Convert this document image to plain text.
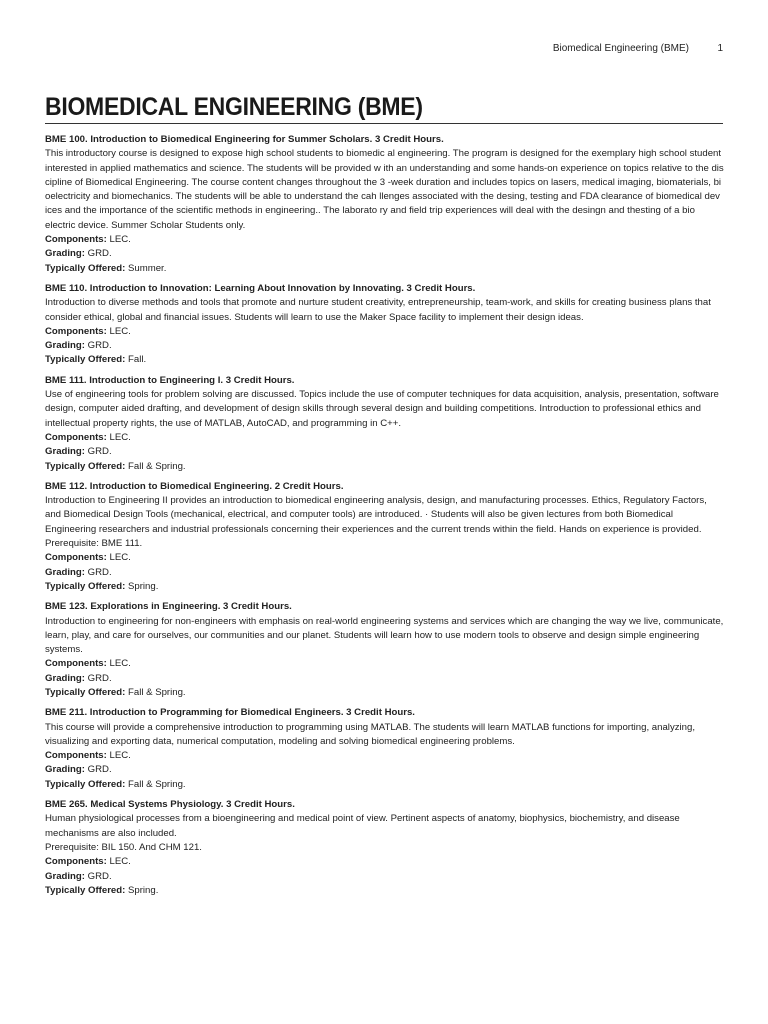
Biomedical Engineering (BME)	1
BIOMEDICAL ENGINEERING (BME)

BME 100. Introduction to Biomedical Engineering for Summer Scholars. 3 Credit Hours.

This introductory course is designed to expose high school students to biomedic al engineering. The program is designed for the exemplary high school student interested in applied mathematics and science. The students will be provided w ith an understanding and some hands-on experience on topics relative to the dis cipline of Biomedical Engineering. The course content changes throughout the 3 -week duration and includes topics on lasers, medical imaging, biomaterials, bi oelectricity and biomechanics. The students will be able to understand the cah llenges associated with the desing, testing and FDA clearance of biomedical dev ices and the importance of the scientific methods in engineering.. The laborato ry and field trip experiences will deal with the desingn and thesting of a bio electric device. Summer Scholar Students only.

Components: LEC.

Grading: GRD.

Typically Offered: Summer.

BME 110. Introduction to Innovation: Learning About Innovation by Innovating. 3 Credit Hours.

Introduction to diverse methods and tools that promote and nurture student creativity, entrepreneurship, team-work, and skills for creating business plans that consider ethical, global and financial issues. Students will learn to use the Maker Space facility to implement their design ideas.

Components: LEC.

Grading: GRD.

Typically Offered: Fall.

BME 111. Introduction to Engineering I. 3 Credit Hours.

Use of engineering tools for problem solving are discussed. Topics include the use of computer techniques for data acquisition, analysis, presentation, software design, computer aided drafting, and development of design skills through several design and building competitions. Introduction to professional ethics and intellectual property rights, the use of MATLAB, AutoCAD, and programming in C++.

Components: LEC.

Grading: GRD.

Typically Offered: Fall & Spring.

BME 112. Introduction to Biomedical Engineering. 2 Credit Hours.

Introduction to Engineering II provides an introduction to biomedical engineering analysis, design, and manufacturing processes. Ethics, Regulatory Factors, and Biomedical Design Tools (mechanical, electrical, and computer tools) are introduced. · Students will also be given lectures from both Biomedical Engineering researchers and industrial professionals concerning their experiences and the current trends within the field. Hands on experience is provided.

Prerequisite: BME 111.

Components: LEC.

Grading: GRD.

Typically Offered: Spring.

BME 123. Explorations in Engineering. 3 Credit Hours.

Introduction to engineering for non-engineers with emphasis on real-world engineering systems and services which are changing the way we live, communicate, learn, play, and care for ourselves, our communities and our planet. Students will learn how to use modern tools to observe and design simple engineering systems.

Components: LEC.

Grading: GRD.

Typically Offered: Fall & Spring.

BME 211. Introduction to Programming for Biomedical Engineers. 3 Credit Hours.

This course will provide a comprehensive introduction to programming using MATLAB. The students will learn MATLAB functions for importing, analyzing, visualizing and exporting data, numerical computation, modeling and solving biomedical engineering problems.

Components: LEC.

Grading: GRD.

Typically Offered: Fall & Spring.

BME 265. Medical Systems Physiology. 3 Credit Hours.

Human physiological processes from a bioengineering and medical point of view. Pertinent aspects of anatomy, biophysics, biochemistry, and disease mechanisms are also included.

Prerequisite: BIL 150. And CHM 121.

Components: LEC.

Grading: GRD.

Typically Offered: Spring.
